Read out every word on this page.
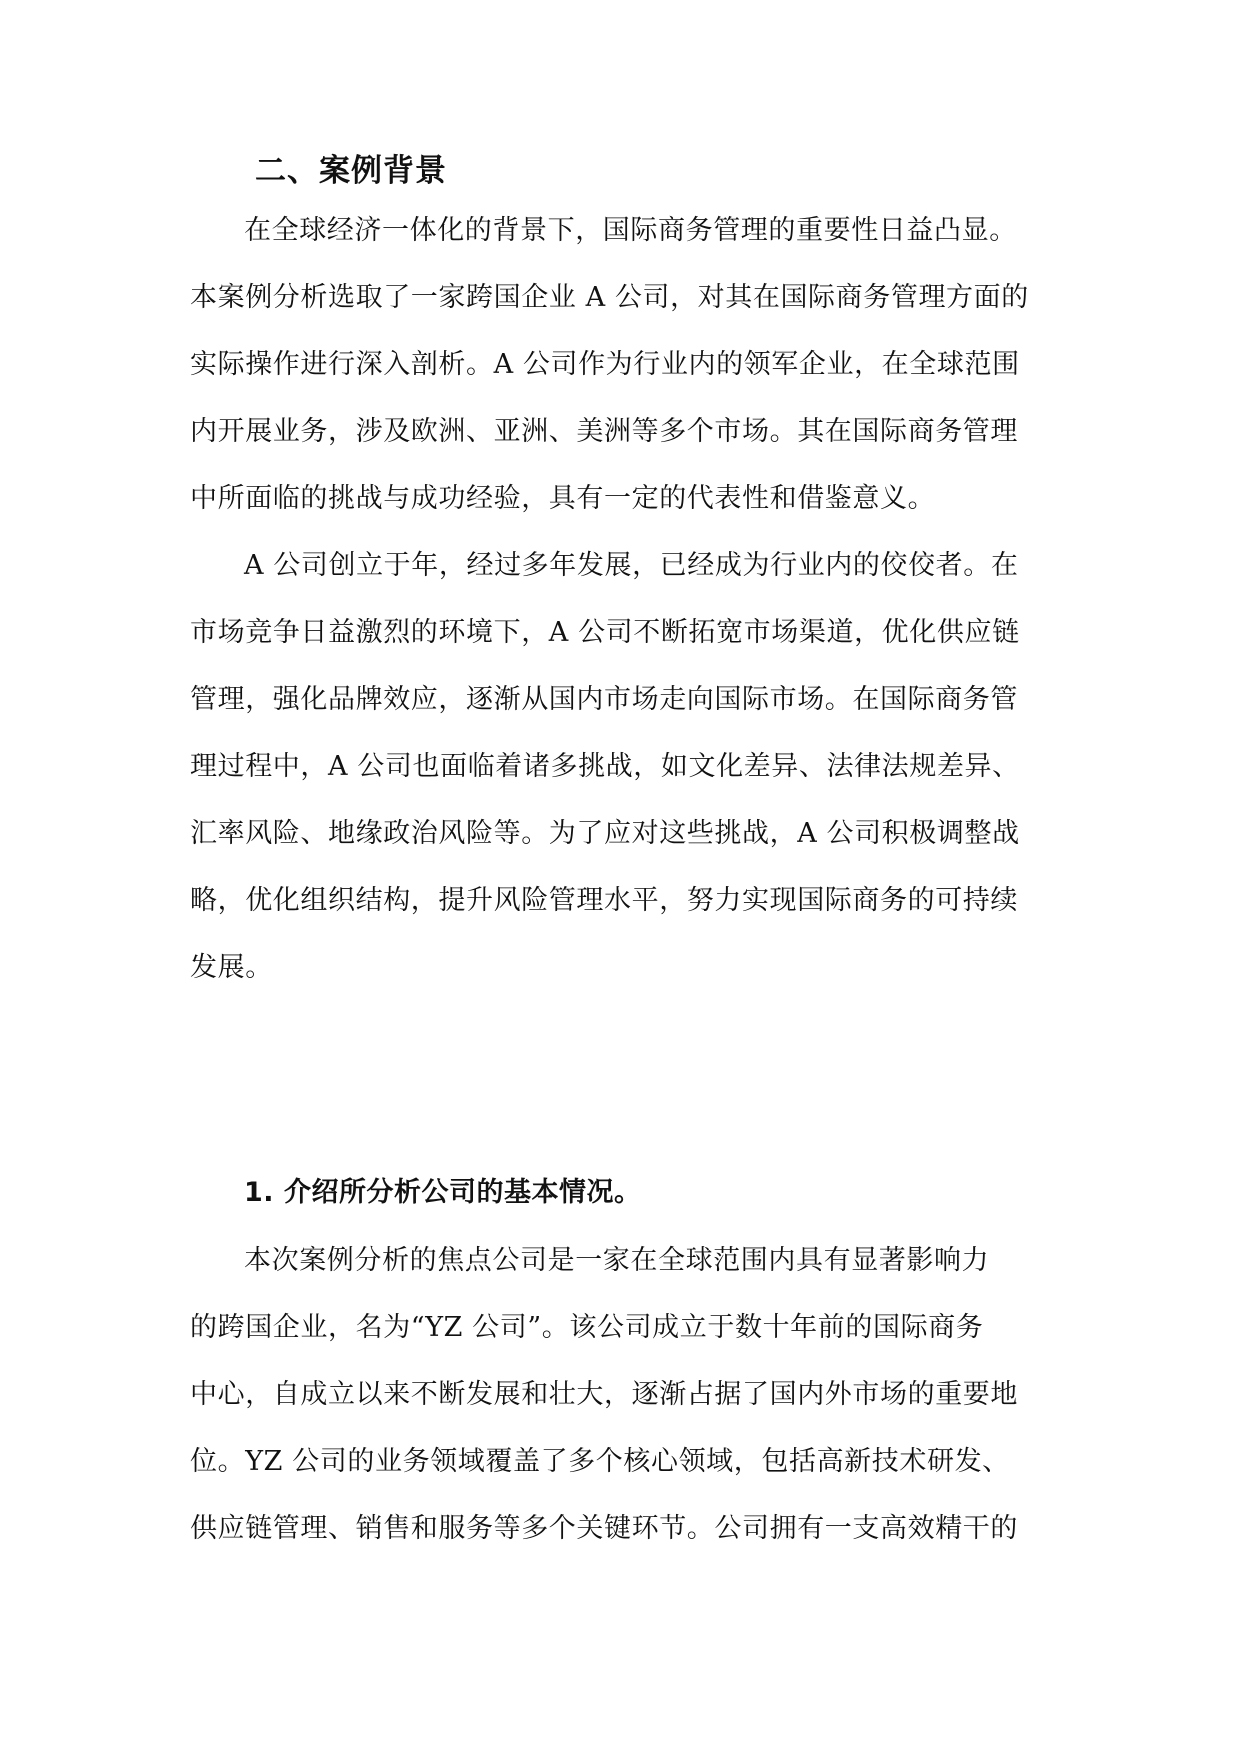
二、案例背景
在全球经济一体化的背景下，国际商务管理的重要性日益凸显。
本案例分析选取了一家跨国企业 A 公司，对其在国际商务管理方面的
实际操作进行深入剖析。A 公司作为行业内的领军企业，在全球范围
内开展业务，涉及欧洲、亚洲、美洲等多个市场。其在国际商务管理
中所面临的挑战与成功经验，具有一定的代表性和借鉴意义。
A 公司创立于年，经过多年发展，已经成为行业内的佼佼者。在
市场竞争日益激烈的环境下，A 公司不断拓宽市场渠道，优化供应链
管理，强化品牌效应，逐渐从国内市场走向国际市场。在国际商务管
理过程中，A 公司也面临着诸多挑战，如文化差异、法律法规差异、
汇率风险、地缘政治风险等。为了应对这些挑战，A 公司积极调整战
略，优化组织结构，提升风险管理水平，努力实现国际商务的可持续
发展。
1. 介绍所分析公司的基本情况。
本次案例分析的焦点公司是一家在全球范围内具有显著影响力
的跨国企业，名为“YZ 公司”。该公司成立于数十年前的国际商务
中心，自成立以来不断发展和壮大，逐渐占据了国内外市场的重要地
位。YZ 公司的业务领域覆盖了多个核心领域，包括高新技术研发、
供应链管理、销售和服务等多个关键环节。公司拥有一支高效精干的
